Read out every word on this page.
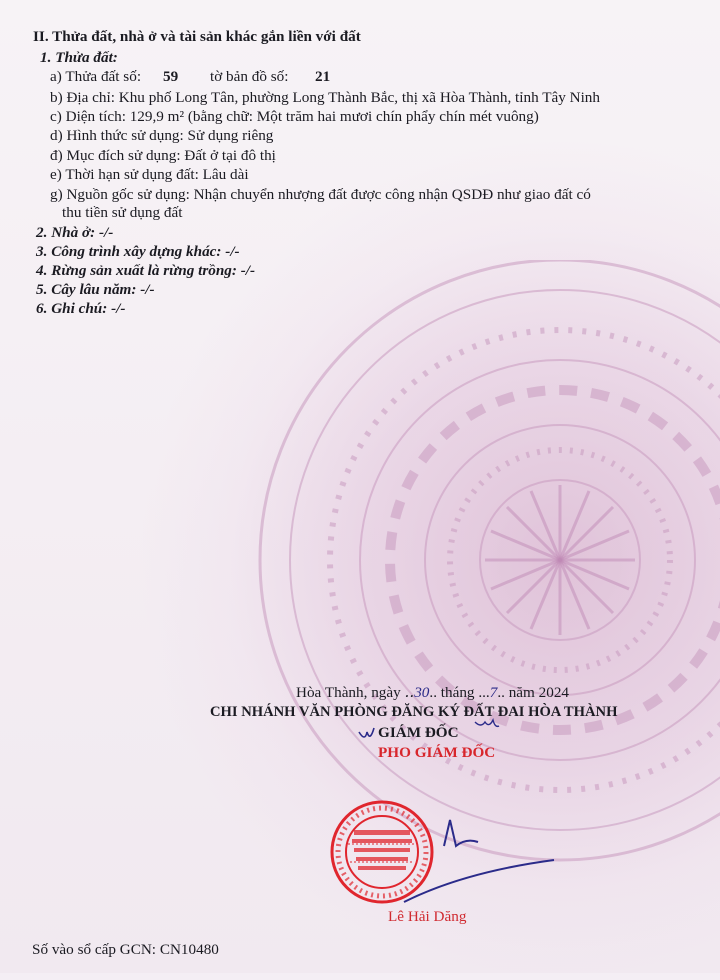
II. Thửa đất, nhà ở và tài sản khác gắn liền với đất
1. Thửa đất:
a) Thửa đất số: 59 tờ bản đồ số: 21
b) Địa chỉ: Khu phố Long Tân, phường Long Thành Bắc, thị xã Hòa Thành, tỉnh Tây Ninh
c) Diện tích: 129,9 m² (bằng chữ: Một trăm hai mươi chín phẩy chín mét vuông)
d) Hình thức sử dụng: Sử dụng riêng
đ) Mục đích sử dụng: Đất ở tại đô thị
e) Thời hạn sử dụng đất: Lâu dài
g) Nguồn gốc sử dụng: Nhận chuyển nhượng đất được công nhận QSDĐ như giao đất có
thu tiền sử dụng đất
2. Nhà ở: -/-
3. Công trình xây dựng khác: -/-
4. Rừng sản xuất là rừng trồng: -/-
5. Cây lâu năm: -/-
6. Ghi chú: -/-
Hòa Thành, ngày ..30.. tháng ...7.. năm 2024
CHI NHÁNH VĂN PHÒNG ĐĂNG KÝ ĐẤT ĐAI HÒA THÀNH
GIÁM ĐỐC
PHO GIÁM ĐỐC
Lê Hải Dăng
Số vào sổ cấp GCN: CN10480
